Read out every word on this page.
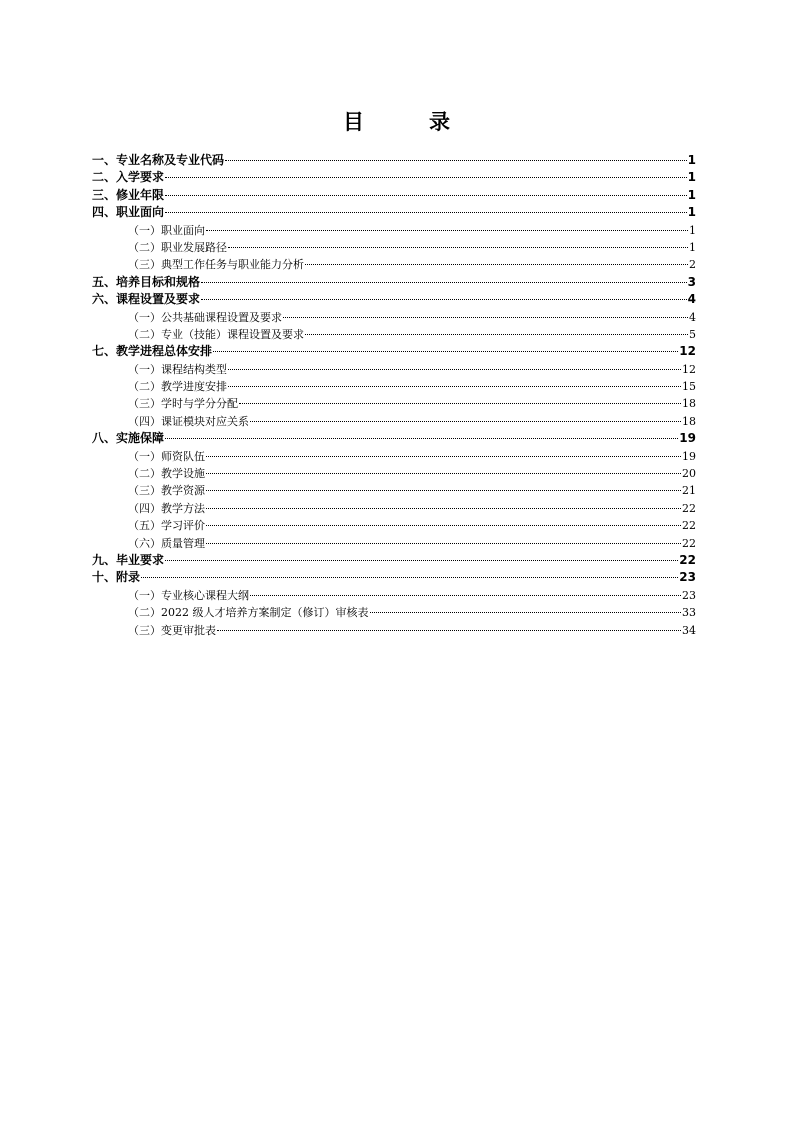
目　录
一、专业名称及专业代码	1
二、入学要求	1
三、修业年限	1
四、职业面向	1
（一）职业面向	1
（二）职业发展路径	1
（三）典型工作任务与职业能力分析	2
五、培养目标和规格	3
六、课程设置及要求	4
（一）公共基础课程设置及要求	4
（二）专业（技能）课程设置及要求	5
七、教学进程总体安排	12
（一）课程结构类型	12
（二）教学进度安排	15
（三）学时与学分分配	18
（四）课证模块对应关系	18
八、实施保障	19
（一）师资队伍	19
（二）教学设施	20
（三）教学资源	21
（四）教学方法	22
（五）学习评价	22
（六）质量管理	22
九、毕业要求	22
十、附录	23
（一）专业核心课程大纲	23
（二）2022 级人才培养方案制定（修订）审核表	33
（三）变更审批表	34
